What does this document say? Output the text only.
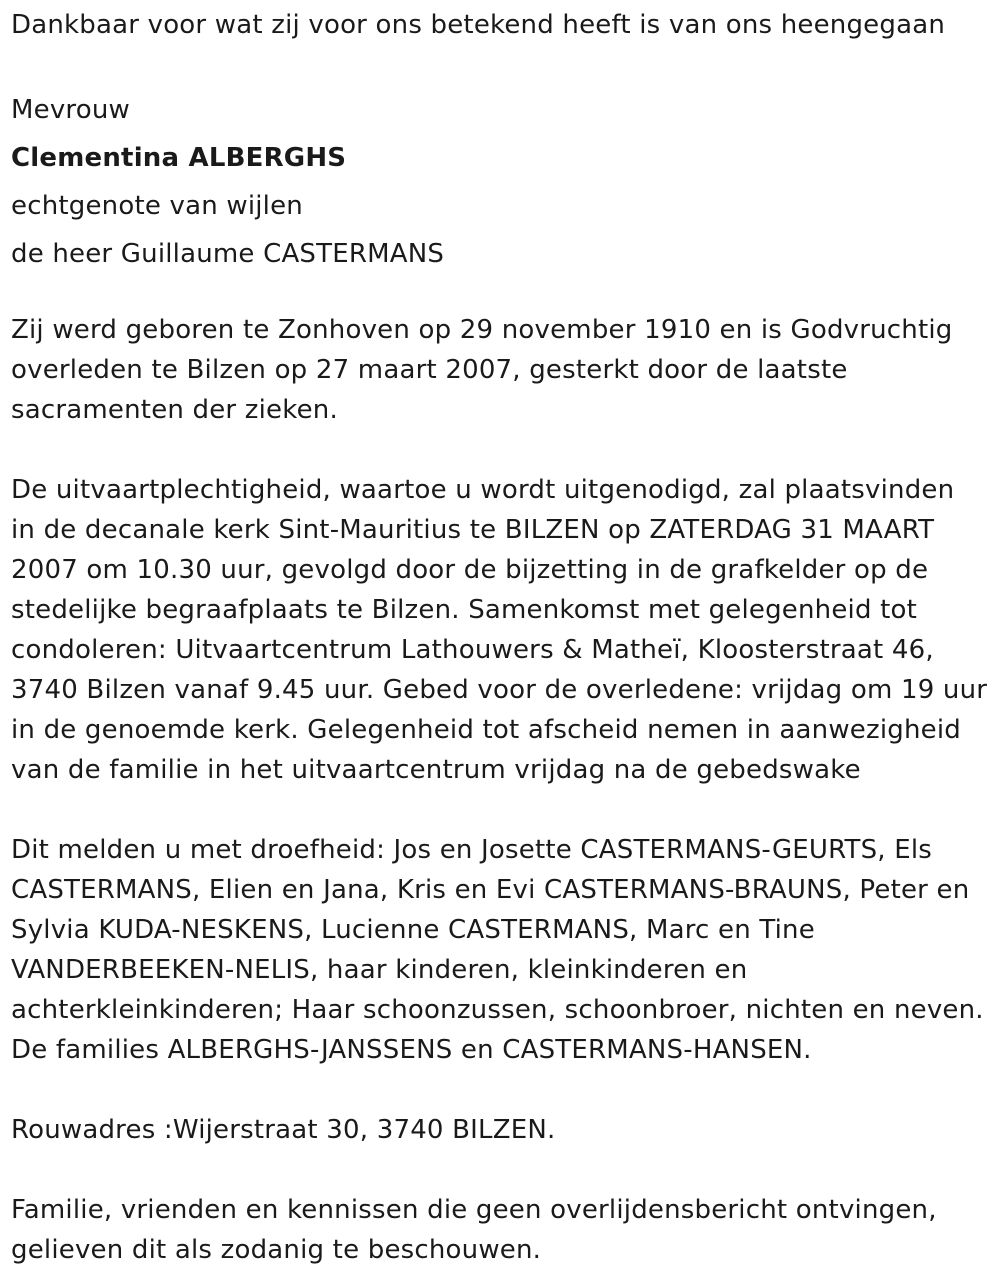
Dankbaar voor wat zij voor ons betekend heeft is van ons heengegaan

Mevrouw

Clementina ALBERGHS

echtgenote van wijlen

de heer Guillaume CASTERMANS

Zij werd geboren te Zonhoven op 29 november 1910 en is Godvruchtig

overleden te Bilzen op 27 maart 2007, gesterkt door de laatste

sacramenten der zieken.

De uitvaartplechtigheid, waartoe u wordt uitgenodigd, zal plaatsvinden

in de decanale kerk Sint-Mauritius te BILZEN op ZATERDAG 31 MAART

2007 om 10.30 uur, gevolgd door de bijzetting in de grafkelder op de

stedelijke begraafplaats te Bilzen. Samenkomst met gelegenheid tot

condoleren: Uitvaartcentrum Lathouwers & Matheï, Kloosterstraat 46,

3740 Bilzen vanaf 9.45 uur. Gebed voor de overledene: vrijdag om 19 uur

in de genoemde kerk. Gelegenheid tot afscheid nemen in aanwezigheid

van de familie in het uitvaartcentrum vrijdag na de gebedswake

Dit melden u met droefheid: Jos en Josette CASTERMANS-GEURTS, Els

CASTERMANS, Elien en Jana, Kris en Evi CASTERMANS-BRAUNS, Peter en

Sylvia KUDA-NESKENS, Lucienne CASTERMANS, Marc en Tine

VANDERBEEKEN-NELIS, haar kinderen, kleinkinderen en

achterkleinkinderen; Haar schoonzussen, schoonbroer, nichten en neven.

De families ALBERGHS-JANSSENS en CASTERMANS-HANSEN.

Rouwadres :Wijerstraat 30, 3740 BILZEN.

Familie, vrienden en kennissen die geen overlijdensbericht ontvingen,

gelieven dit als zodanig te beschouwen.
